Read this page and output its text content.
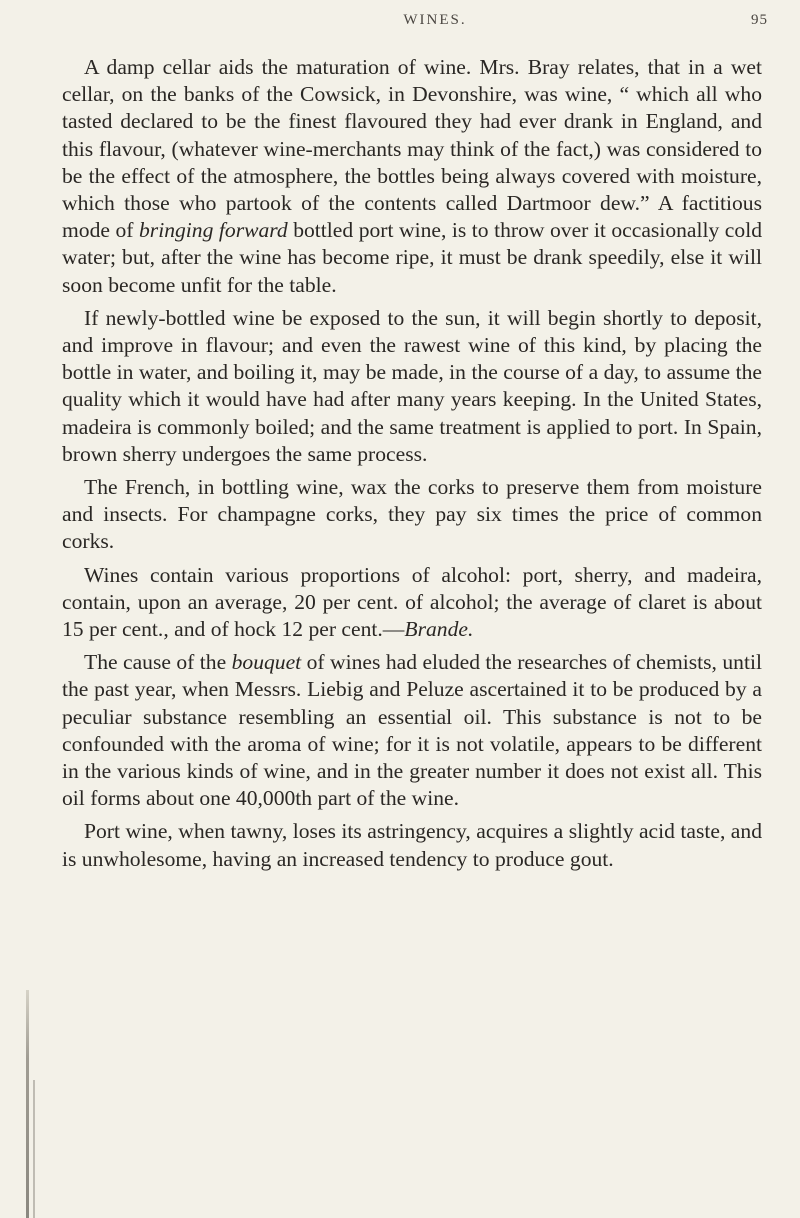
WINES.	95

A damp cellar aids the maturation of wine. Mrs. Bray relates, that in a wet cellar, on the banks of the Cowsick, in Devonshire, was wine, “ which all who tasted declared to be the finest flavoured they had ever drank in England, and this flavour, (whatever wine-merchants may think of the fact,) was considered to be the effect of the atmosphere, the bottles being always covered with moisture, which those who partook of the contents called Dartmoor dew.” A factitious mode of bringing forward bottled port wine, is to throw over it occasionally cold water; but, after the wine has become ripe, it must be drank speedily, else it will soon become unfit for the table.

If newly-bottled wine be exposed to the sun, it will begin shortly to deposit, and improve in flavour; and even the rawest wine of this kind, by placing the bottle in water, and boiling it, may be made, in the course of a day, to assume the quality which it would have had after many years keeping. In the United States, madeira is commonly boiled; and the same treatment is applied to port. In Spain, brown sherry undergoes the same process.

The French, in bottling wine, wax the corks to preserve them from moisture and insects. For champagne corks, they pay six times the price of common corks.

Wines contain various proportions of alcohol: port, sherry, and madeira, contain, upon an average, 20 per cent. of alcohol; the average of claret is about 15 per cent., and of hock 12 per cent.—Brande.

The cause of the bouquet of wines had eluded the researches of chemists, until the past year, when Messrs. Liebig and Peluze ascertained it to be produced by a peculiar substance resembling an essential oil. This substance is not to be confounded with the aroma of wine; for it is not volatile, appears to be different in the various kinds of wine, and in the greater number it does not exist all. This oil forms about one 40,000th part of the wine.

Port wine, when tawny, loses its astringency, acquires a slightly acid taste, and is unwholesome, having an increased tendency to produce gout.
